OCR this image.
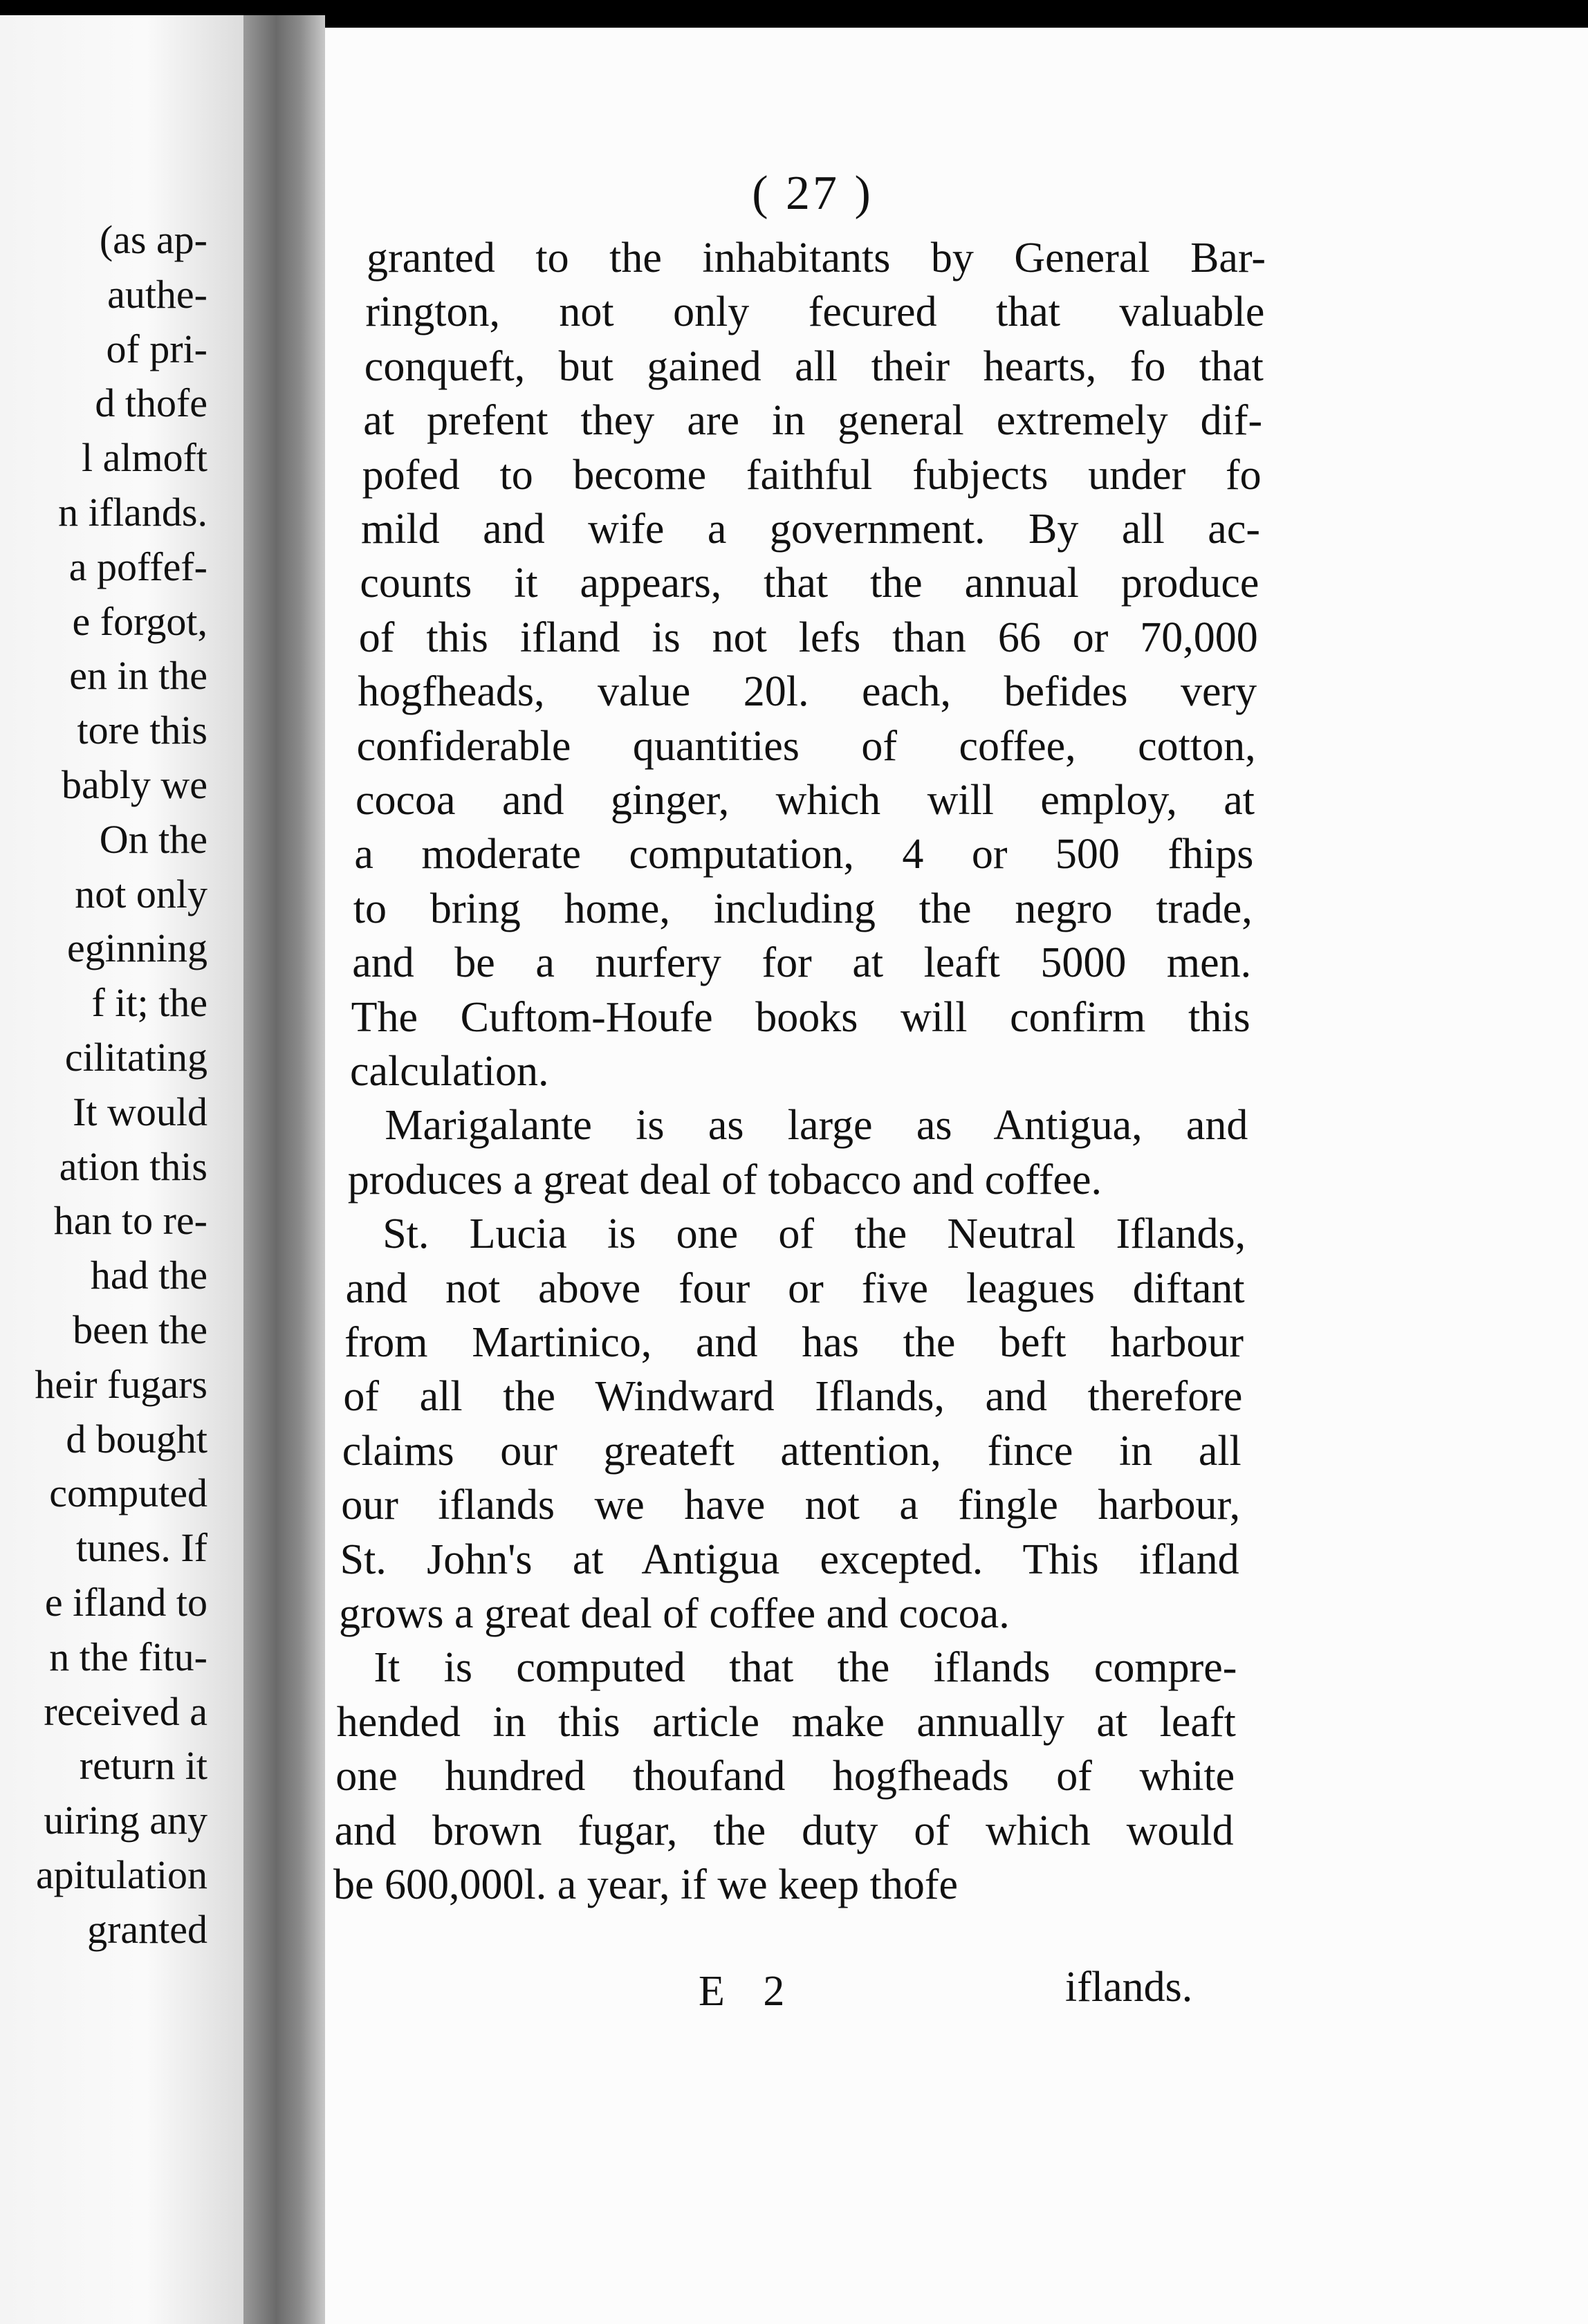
(as ap-
authe-
of pri-
d thofe
l almoft
n iflands.
a poffef-
e forgot,
en in the
tore this
bably we
On the
not only
eginning
f it; the
cilitating
It would
ation this
han to re-
had the
been the
heir fugars
d bought
computed
tunes. If
e ifland to
n the fitu-
received a
return it
uiring any
apitulation
granted
( 27 )
granted to the inhabitants by General Bar-
rington, not only fecured that valuable
conqueft, but gained all their hearts, fo that
at prefent they are in general extremely dif-
pofed to become faithful fubjects under fo
mild and wife a government. By all ac-
counts it appears, that the annual produce
of this ifland is not lefs than 66 or 70,000
hogfheads, value 20l. each, befides very
confiderable quantities of coffee, cotton,
cocoa and ginger, which will employ, at
a moderate computation, 4 or 500 fhips
to bring home, including the negro trade,
and be a nurfery for at leaft 5000 men.
The Cuftom-Houfe books will confirm this
calculation.
Marigalante is as large as Antigua, and
produces a great deal of tobacco and coffee.
St. Lucia is one of the Neutral Iflands,
and not above four or five leagues diftant
from Martinico, and has the beft harbour
of all the Windward Iflands, and therefore
claims our greateft attention, fince in all
our iflands we have not a fingle harbour,
St. John's at Antigua excepted. This ifland
grows a great deal of coffee and cocoa.
It is computed that the iflands compre-
hended in this article make annually at leaft
one hundred thoufand hogfheads of white
and brown fugar, the duty of which would
be 600,000l. a year, if we keep thofe
E 2	iflands.
